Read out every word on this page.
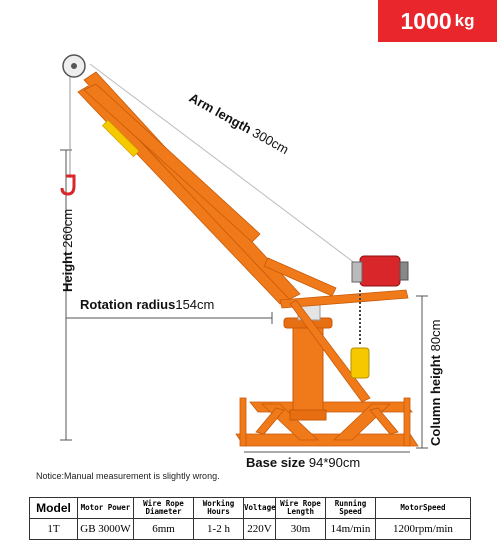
1000 kg
Arm length 300cm
Height 260cm
Rotation radius154cm
Column height 80cm
Base size 94*90cm
Notice:Manual measurement is slightly wrong.
Model	Motor Power	Wire Rope Diameter	Working Hours	Voltage	Wire Rope Length	Running Speed	MotorSpeed
1T	GB 3000W	6mm	1-2 h	220V	30m	14m/min	1200rpm/min
